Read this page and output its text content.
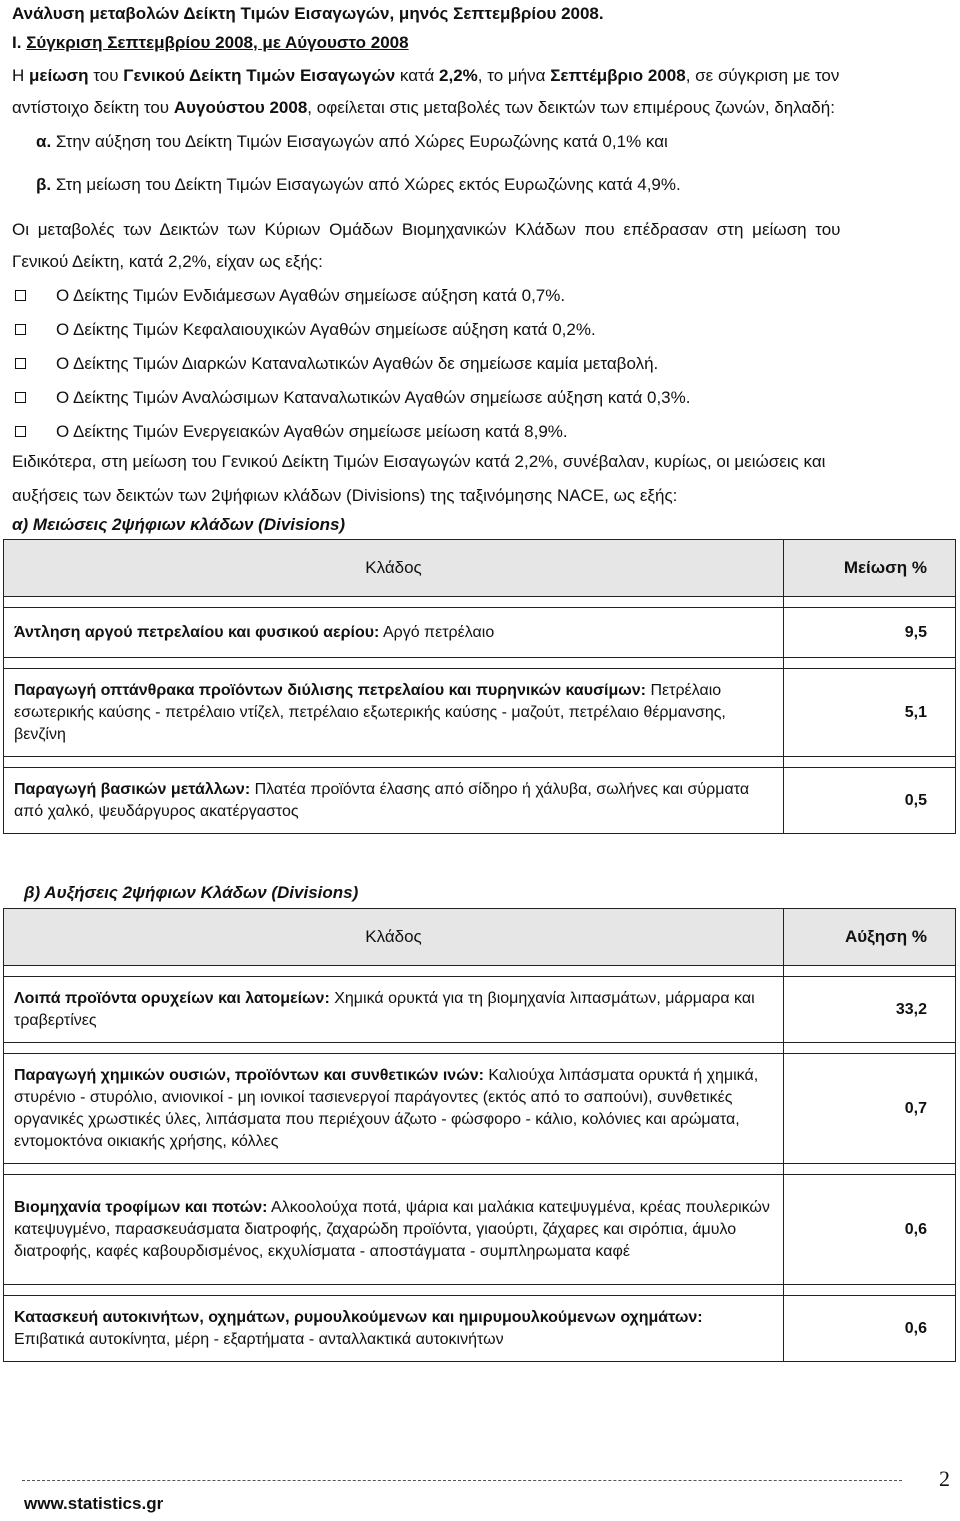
Ανάλυση μεταβολών Δείκτη Τιμών Εισαγωγών, μηνός Σεπτεμβρίου 2008.
Ι. Σύγκριση Σεπτεμβρίου 2008, με Αύγουστο 2008
Η μείωση του Γενικού Δείκτη Τιμών Εισαγωγών κατά 2,2%, το μήνα Σεπτέμβριο 2008, σε σύγκριση με τον
αντίστοιχο δείκτη του Αυγούστου 2008, οφείλεται στις μεταβολές των δεικτών των επιμέρους ζωνών, δηλαδή:
α. Στην αύξηση του Δείκτη Τιμών Εισαγωγών από Χώρες Ευρωζώνης κατά 0,1% και
β. Στη μείωση του Δείκτη Τιμών Εισαγωγών από Χώρες εκτός Ευρωζώνης κατά 4,9%.
Οι μεταβολές των Δεικτών των Κύριων Ομάδων Βιομηχανικών Κλάδων που επέδρασαν στη μείωση του
Γενικού Δείκτη, κατά 2,2%, είχαν ως εξής:
Ο Δείκτης Τιμών Ενδιάμεσων Αγαθών σημείωσε αύξηση κατά 0,7%.
Ο Δείκτης Τιμών Κεφαλαιουχικών Αγαθών σημείωσε αύξηση κατά 0,2%.
Ο Δείκτης Τιμών Διαρκών Καταναλωτικών Αγαθών δε σημείωσε καμία μεταβολή.
Ο Δείκτης Τιμών Αναλώσιμων Καταναλωτικών Αγαθών σημείωσε αύξηση κατά 0,3%.
Ο Δείκτης Τιμών Ενεργειακών Αγαθών σημείωσε μείωση κατά 8,9%.
Ειδικότερα, στη μείωση του Γενικού Δείκτη Τιμών Εισαγωγών κατά 2,2%, συνέβαλαν, κυρίως, οι μειώσεις και
αυξήσεις των δεικτών των 2ψήφιων κλάδων (Divisions) της ταξινόμησης NACE, ως εξής:
α) Μειώσεις 2ψήφιων κλάδων (Divisions)
Κλάδος	Μείωση %

Άντληση αργού πετρελαίου και φυσικού αερίου: Αργό πετρέλαιο	9,5

Παραγωγή οπτάνθρακα προϊόντων διύλισης πετρελαίου και πυρηνικών καυσίμων: Πετρέλαιο εσωτερικής καύσης - πετρέλαιο ντίζελ, πετρέλαιο εξωτερικής καύσης - μαζούτ, πετρέλαιο θέρμανσης, βενζίνη	5,1

Παραγωγή βασικών μετάλλων: Πλατέα προϊόντα έλασης από σίδηρο ή χάλυβα, σωλήνες και σύρματα από χαλκό, ψευδάργυρος ακατέργαστος	0,5
β) Αυξήσεις 2ψήφιων Κλάδων (Divisions)
Κλάδος	Αύξηση %

Λοιπά προϊόντα ορυχείων και λατομείων: Χημικά ορυκτά για τη βιομηχανία λιπασμάτων, μάρμαρα και τραβερτίνες	33,2

Παραγωγή χημικών ουσιών, προϊόντων και συνθετικών ινών: Καλιούχα λιπάσματα ορυκτά ή χημικά, στυρένιο - στυρόλιο, ανιονικοί - μη ιονικοί τασιενεργοί παράγοντες (εκτός από το σαπούνι), συνθετικές οργανικές χρωστικές ύλες, λιπάσματα που περιέχουν άζωτο - φώσφορο - κάλιο, κολόνιες και αρώματα, εντομοκτόνα οικιακής χρήσης, κόλλες	0,7

Βιομηχανία τροφίμων και ποτών: Αλκοολούχα ποτά, ψάρια και μαλάκια κατεψυγμένα, κρέας πουλερικών κατεψυγμένο, παρασκευάσματα διατροφής, ζαχαρώδη προϊόντα, γιαούρτι, ζάχαρες και σιρόπια, άμυλο διατροφής, καφές καβουρδισμένος, εκχυλίσματα - αποστάγματα - συμπληρωματα καφέ	0,6

Κατασκευή αυτοκινήτων, οχημάτων, ρυμουλκούμενων και ημιρυμουλκούμενων οχημάτων: Επιβατικά αυτοκίνητα, μέρη - εξαρτήματα - ανταλλακτικά αυτοκινήτων	0,6
2
www.statistics.gr
